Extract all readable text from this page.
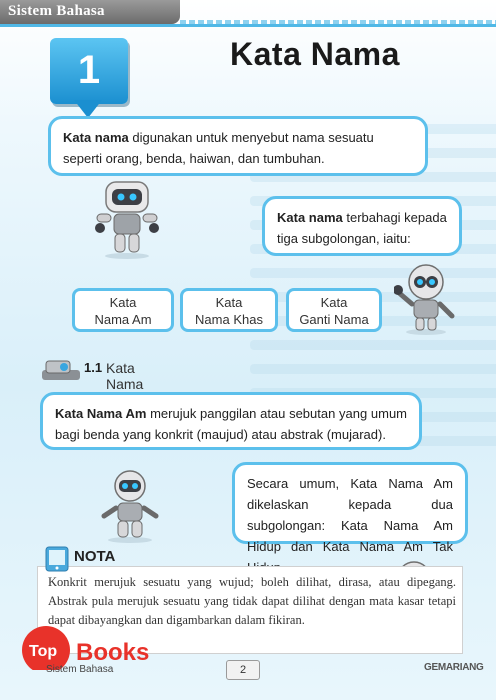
Sistem Bahasa
1	Kata Nama
Kata nama digunakan untuk menyebut nama sesuatu seperti orang, benda, haiwan, dan tumbuhan.
Kata nama terbahagi kepada tiga subgolongan, iaitu:
Kata
Nama Am
Kata
Nama Khas
Kata
Ganti Nama
1.1 Kata Nama
Kata Nama Am merujuk panggilan atau sebutan yang umum bagi benda yang konkrit (maujud) atau abstrak (mujarad).
Secara umum, Kata Nama Am dikelaskan kepada dua subgolongan: Kata Nama Am Hidup dan Kata Nama Am Tak
Konkrit merujuk sesuatu yang wujud; boleh dilihat, dirasa, atau dipegang. Abstrak pula merujuk sesuatu yang tidak dapat dilihat dengan mata kasar tetapi dapat dibayangkan dan digambarkan dalam fikiran.
NOTA
Top Books
Sistem Bahasa	2	GEMARIANG
